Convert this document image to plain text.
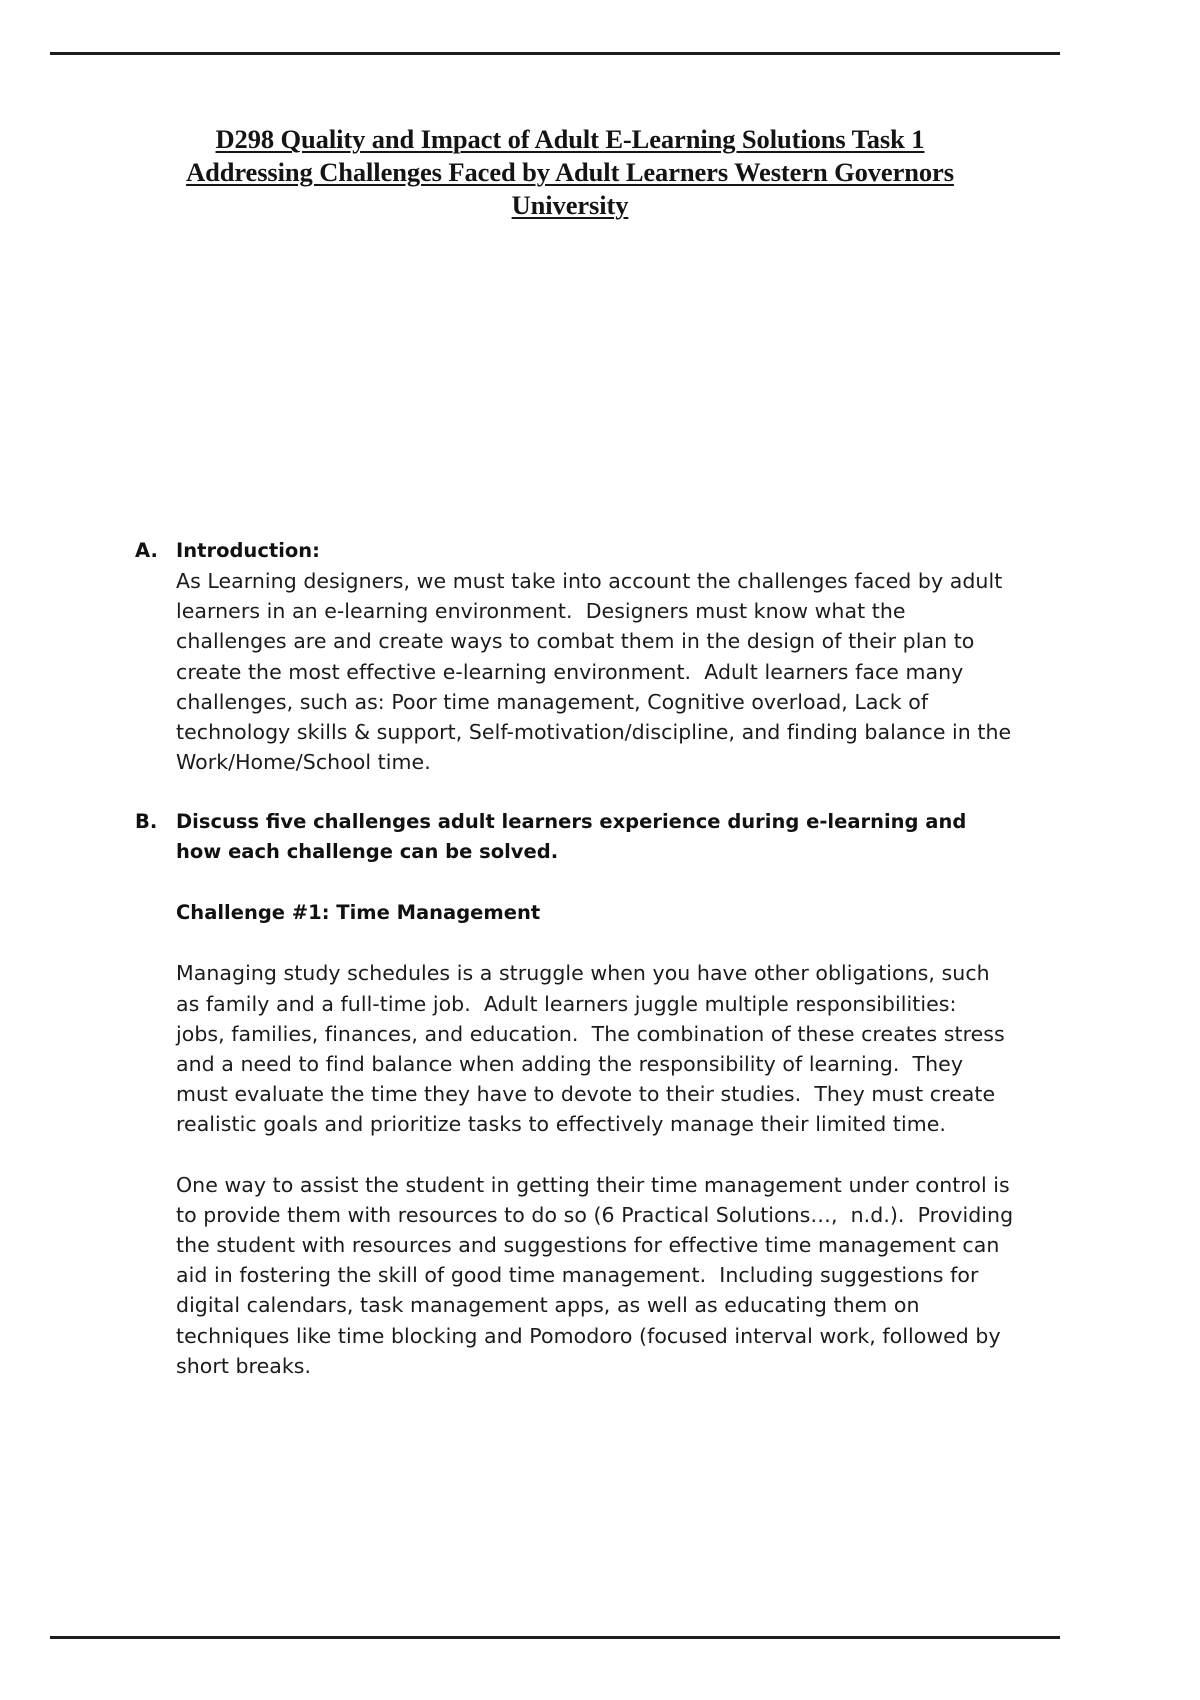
D298 Quality and Impact of Adult E-Learning Solutions Task 1 Addressing Challenges Faced by Adult Learners Western Governors University
A. Introduction:
As Learning designers, we must take into account the challenges faced by adult learners in an e-learning environment.  Designers must know what the challenges are and create ways to combat them in the design of their plan to create the most effective e-learning environment.  Adult learners face many challenges, such as: Poor time management, Cognitive overload, Lack of technology skills & support, Self-motivation/discipline, and finding balance in the Work/Home/School time.
B. Discuss five challenges adult learners experience during e-learning and how each challenge can be solved.
Challenge #1: Time Management
Managing study schedules is a struggle when you have other obligations, such as family and a full-time job.  Adult learners juggle multiple responsibilities:  jobs, families, finances, and education.  The combination of these creates stress and a need to find balance when adding the responsibility of learning.  They must evaluate the time they have to devote to their studies.  They must create realistic goals and prioritize tasks to effectively manage their limited time.
One way to assist the student in getting their time management under control is to provide them with resources to do so (6 Practical Solutions…,  n.d.).  Providing the student with resources and suggestions for effective time management can aid in fostering the skill of good time management.  Including suggestions for digital calendars, task management apps, as well as educating them on techniques like time blocking and Pomodoro (focused interval work, followed by short breaks.
